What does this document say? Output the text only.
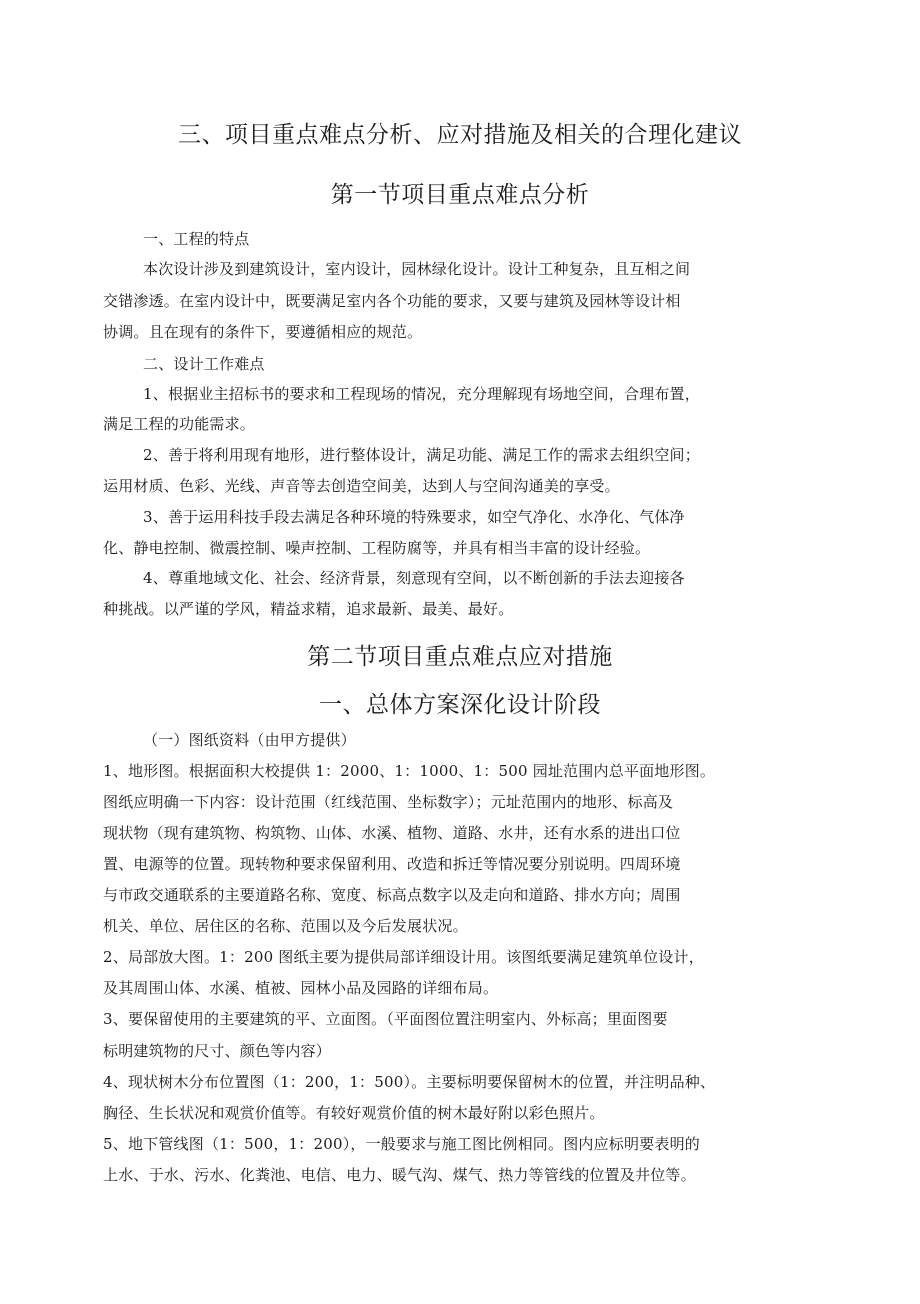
三、项目重点难点分析、应对措施及相关的合理化建议
第一节项目重点难点分析
一、工程的特点
本次设计涉及到建筑设计，室内设计，园林绿化设计。设计工种复杂，且互相之间
交错渗透。在室内设计中，既要满足室内各个功能的要求，又要与建筑及园林等设计相
协调。且在现有的条件下，要遵循相应的规范。
二、设计工作难点
1、根据业主招标书的要求和工程现场的情况，充分理解现有场地空间，合理布置，
满足工程的功能需求。
2、善于将利用现有地形，进行整体设计，满足功能、满足工作的需求去组织空间；
运用材质、色彩、光线、声音等去创造空间美，达到人与空间沟通美的享受。
3、善于运用科技手段去满足各种环境的特殊要求，如空气净化、水净化、气体净
化、静电控制、微震控制、噪声控制、工程防腐等，并具有相当丰富的设计经验。
4、尊重地域文化、社会、经济背景，刻意现有空间，以不断创新的手法去迎接各
种挑战。以严谨的学风，精益求精，追求最新、最美、最好。
第二节项目重点难点应对措施
一、总体方案深化设计阶段
（一）图纸资料（由甲方提供）
1、地形图。根据面积大校提供 1：2000、1：1000、1：500 园址范围内总平面地形图。
图纸应明确一下内容：设计范围（红线范围、坐标数字）；元址范围内的地形、标高及
现状物（现有建筑物、构筑物、山体、水溪、植物、道路、水井，还有水系的进出口位
置、电源等的位置。现转物种要求保留利用、改造和拆迁等情况要分别说明。四周环境
与市政交通联系的主要道路名称、宽度、标高点数字以及走向和道路、排水方向；周围
机关、单位、居住区的名称、范围以及今后发展状况。
2、局部放大图。1：200 图纸主要为提供局部详细设计用。该图纸要满足建筑单位设计，
及其周围山体、水溪、植被、园林小品及园路的详细布局。
3、要保留使用的主要建筑的平、立面图。（平面图位置注明室内、外标高；里面图要
标明建筑物的尺寸、颜色等内容）
4、现状树木分布位置图（1：200，1：500）。主要标明要保留树木的位置，并注明品种、
胸径、生长状况和观赏价值等。有较好观赏价值的树木最好附以彩色照片。
5、地下管线图（1：500，1：200），一般要求与施工图比例相同。图内应标明要表明的
上水、于水、污水、化粪池、电信、电力、暖气沟、煤气、热力等管线的位置及井位等。
